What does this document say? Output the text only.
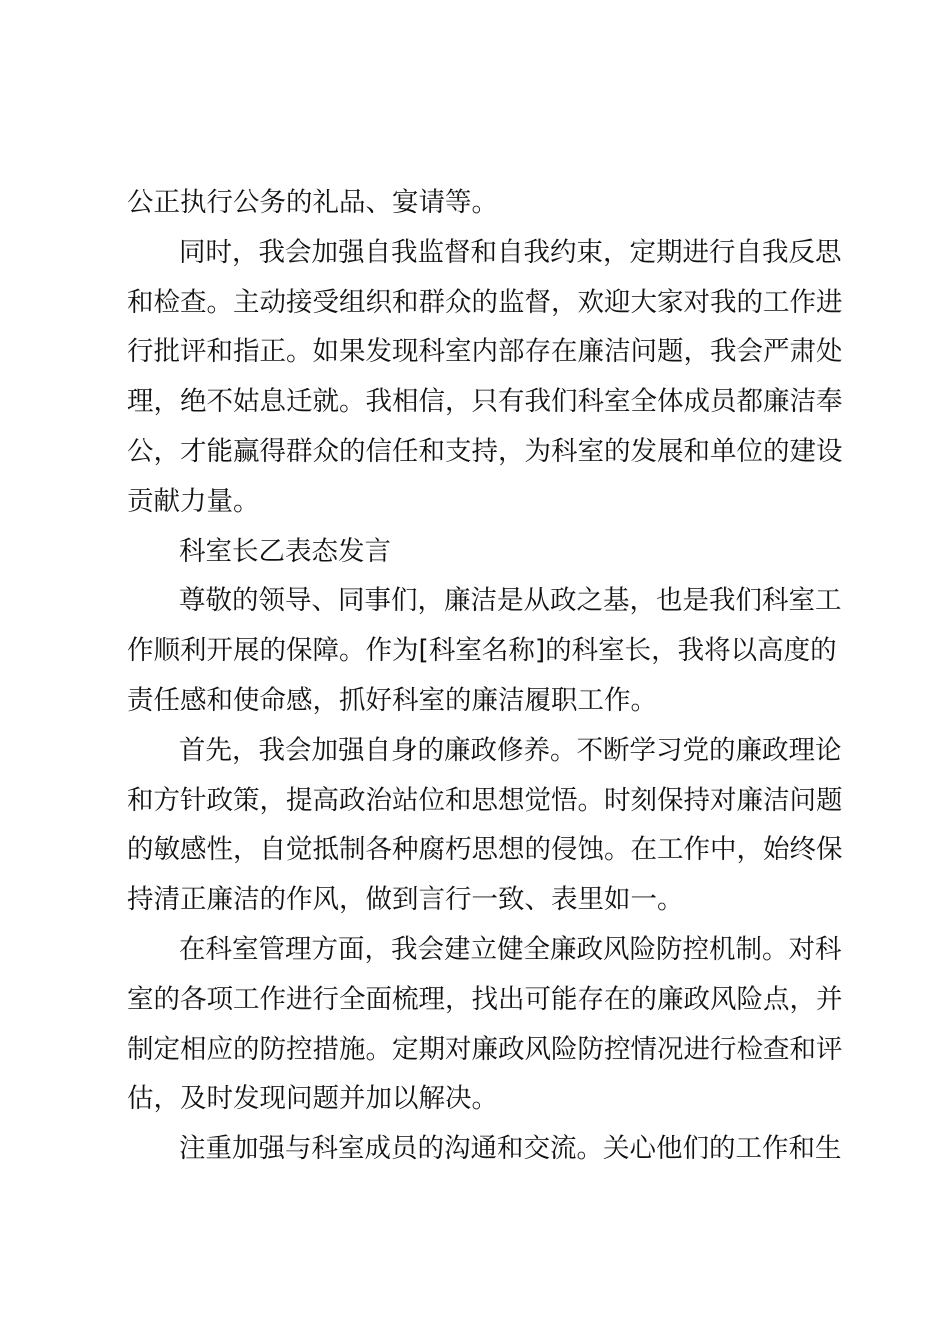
公正执行公务的礼品、宴请等。
同时，我会加强自我监督和自我约束，定期进行自我反思
和检查。主动接受组织和群众的监督，欢迎大家对我的工作进
行批评和指正。如果发现科室内部存在廉洁问题，我会严肃处
理，绝不姑息迁就。我相信，只有我们科室全体成员都廉洁奉
公，才能赢得群众的信任和支持，为科室的发展和单位的建设
贡献力量。
科室长乙表态发言
尊敬的领导、同事们，廉洁是从政之基，也是我们科室工
作顺利开展的保障。作为[科室名称]的科室长，我将以高度的
责任感和使命感，抓好科室的廉洁履职工作。
首先，我会加强自身的廉政修养。不断学习党的廉政理论
和方针政策，提高政治站位和思想觉悟。时刻保持对廉洁问题
的敏感性，自觉抵制各种腐朽思想的侵蚀。在工作中，始终保
持清正廉洁的作风，做到言行一致、表里如一。
在科室管理方面，我会建立健全廉政风险防控机制。对科
室的各项工作进行全面梳理，找出可能存在的廉政风险点，并
制定相应的防控措施。定期对廉政风险防控情况进行检查和评
估，及时发现问题并加以解决。
注重加强与科室成员的沟通和交流。关心他们的工作和生
